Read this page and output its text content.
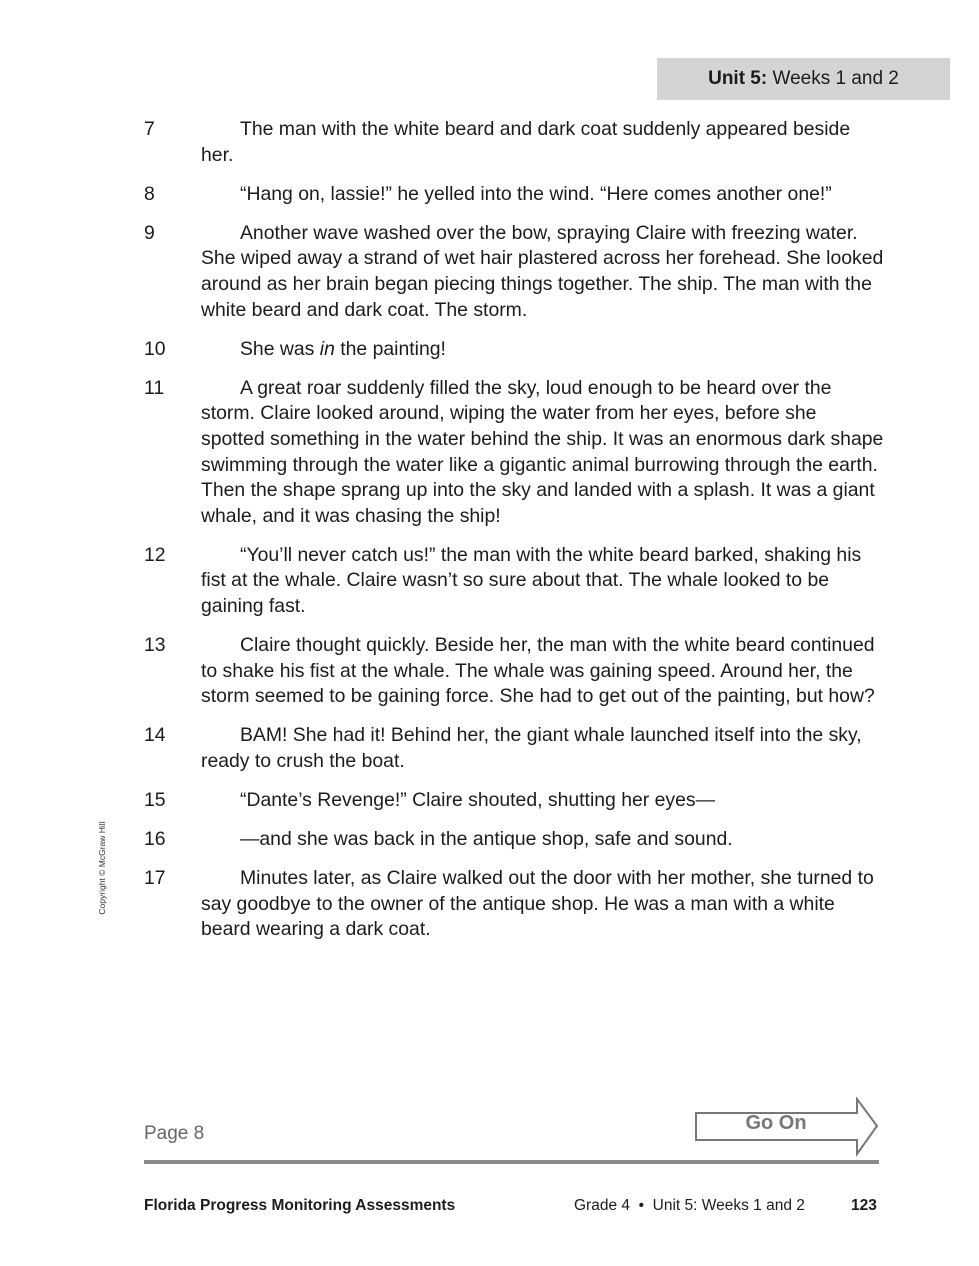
Unit 5: Weeks 1 and 2
7	The man with the white beard and dark coat suddenly appeared beside her.
8	“Hang on, lassie!” he yelled into the wind. “Here comes another one!”
9	Another wave washed over the bow, spraying Claire with freezing water. She wiped away a strand of wet hair plastered across her forehead. She looked around as her brain began piecing things together. The ship. The man with the white beard and dark coat. The storm.
10	She was in the painting!
11	A great roar suddenly filled the sky, loud enough to be heard over the storm. Claire looked around, wiping the water from her eyes, before she spotted something in the water behind the ship. It was an enormous dark shape swimming through the water like a gigantic animal burrowing through the earth. Then the shape sprang up into the sky and landed with a splash. It was a giant whale, and it was chasing the ship!
12	“You’ll never catch us!” the man with the white beard barked, shaking his fist at the whale. Claire wasn’t so sure about that. The whale looked to be gaining fast.
13	Claire thought quickly. Beside her, the man with the white beard continued to shake his fist at the whale. The whale was gaining speed. Around her, the storm seemed to be gaining force. She had to get out of the painting, but how?
14	BAM! She had it! Behind her, the giant whale launched itself into the sky, ready to crush the boat.
15	“Dante’s Revenge!” Claire shouted, shutting her eyes—
16	—and she was back in the antique shop, safe and sound.
17	Minutes later, as Claire walked out the door with her mother, she turned to say goodbye to the owner of the antique shop. He was a man with a white beard wearing a dark coat.
Copyright © McGraw Hill
Page 8	Go On
Florida Progress Monitoring Assessments	Grade 4  •  Unit 5: Weeks 1 and 2	123
